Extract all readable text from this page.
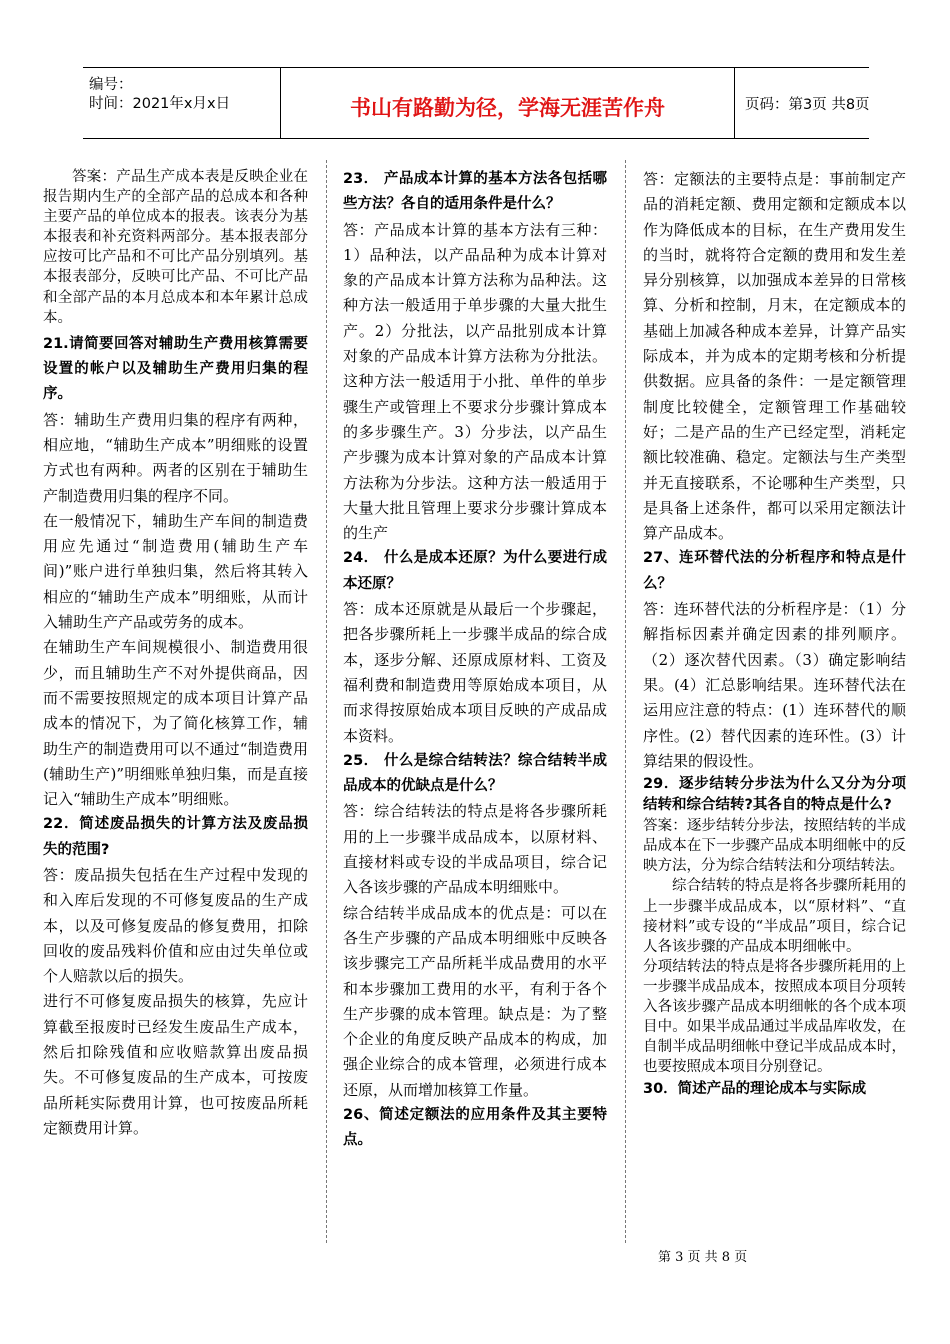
编号：
时间：2021年x月x日	书山有路勤为径，学海无涯苦作舟	页码：第3页 共8页

答案：产品生产成本表是反映企业在报告期内生产的全部产品的总成本和各种主要产品的单位成本的报表。该表分为基本报表和补充资料两部分。基本报表部分应按可比产品和不可比产品分别填列。基本报表部分，反映可比产品、不可比产品和全部产品的本月总成本和本年累计总成本。

21.请简要回答对辅助生产费用核算需要设置的帐户以及辅助生产费用归集的程序。

答：辅助生产费用归集的程序有两种，相应地，“辅助生产成本”明细账的设置方式也有两种。两者的区别在于辅助生产制造费用归集的程序不同。

在一般情况下，辅助生产车间的制造费用应先通过“制造费用(辅助生产车间)”账户进行单独归集，然后将其转入相应的“辅助生产成本”明细账，从而计入辅助生产产品或劳务的成本。

在辅助生产车间规模很小、制造费用很少，而且辅助生产不对外提供商品，因而不需要按照规定的成本项目计算产品成本的情况下，为了简化核算工作，辅助生产的制造费用可以不通过“制造费用(辅助生产)”明细账单独归集，而是直接记入“辅助生产成本”明细账。

22．简述废品损失的计算方法及废品损失的范围?

答：废品损失包括在生产过程中发现的和入库后发现的不可修复废品的生产成本，以及可修复废品的修复费用，扣除回收的废品残料价值和应由过失单位或个人赔款以后的损失。

进行不可修复废品损失的核算，先应计算截至报废时已经发生废品生产成本，然后扣除残值和应收赔款算出废品损失。不可修复废品的生产成本，可按废品所耗实际费用计算，也可按废品所耗定额费用计算。

23． 产品成本计算的基本方法各包括哪些方法？各自的适用条件是什么？

答：产品成本计算的基本方法有三种：1）品种法，以产品品种为成本计算对象的产品成本计算方法称为品种法。这种方法一般适用于单步骤的大量大批生产。2）分批法，以产品批别成本计算对象的产品成本计算方法称为分批法。这种方法一般适用于小批、单件的单步骤生产或管理上不要求分步骤计算成本的多步骤生产。3）分步法，以产品生产步骤为成本计算对象的产品成本计算方法称为分步法。这种方法一般适用于大量大批且管理上要求分步骤计算成本的生产

24． 什么是成本还原？为什么要进行成本还原？

答：成本还原就是从最后一个步骤起，把各步骤所耗上一步骤半成品的综合成本，逐步分解、还原成原材料、工资及福利费和制造费用等原始成本项目，从而求得按原始成本项目反映的产成品成本资料。

25． 什么是综合结转法？综合结转半成品成本的优缺点是什么？

答：综合结转法的特点是将各步骤所耗用的上一步骤半成品成本，以原材料、直接材料或专设的半成品项目，综合记入各该步骤的产品成本明细账中。

综合结转半成品成本的优点是：可以在各生产步骤的产品成本明细账中反映各该步骤完工产品所耗半成品费用的水平和本步骤加工费用的水平，有利于各个生产步骤的成本管理。缺点是：为了整个企业的角度反映产品成本的构成，加强企业综合的成本管理，必须进行成本还原，从而增加核算工作量。

26、简述定额法的应用条件及其主要特点。

答：定额法的主要特点是：事前制定产品的消耗定额、费用定额和定额成本以作为降低成本的目标，在生产费用发生的当时，就将符合定额的费用和发生差异分别核算，以加强成本差异的日常核算、分析和控制，月末，在定额成本的基础上加减各种成本差异，计算产品实际成本，并为成本的定期考核和分析提供数据。应具备的条件：一是定额管理制度比较健全，定额管理工作基础较好；二是产品的生产已经定型，消耗定额比较准确、稳定。定额法与生产类型并无直接联系，不论哪种生产类型，只是具备上述条件，都可以采用定额法计算产品成本。

27、连环替代法的分析程序和特点是什么？

答：连环替代法的分析程序是：（1）分解指标因素并确定因素的排列顺序。（2）逐次替代因素。（3）确定影响结果。(4）汇总影响结果。连环替代法在运用应注意的特点：(1）连环替代的顺序性。(2）替代因素的连环性。(3）计算结果的假设性。

29．逐步结转分步法为什么又分为分项结转和综合结转?其各自的特点是什么?

答案：逐步结转分步法，按照结转的半成品成本在下一步骤产品成本明细帐中的反映方法，分为综合结转法和分项结转法。

综合结转的特点是将各步骤所耗用的上一步骤半成品成本，以“原材料”、“直接材料”或专设的“半成品”项目，综合记人各该步骤的产品成本明细帐中。

分项结转法的特点是将各步骤所耗用的上一步骤半成品成本，按照成本项目分项转入各该步骤产品成本明细帐的各个成本项目中。如果半成品通过半成品库收发，在自制半成品明细帐中登记半成品成本时，也要按照成本项目分别登记。

30．简述产品的理论成本与实际成

第 3 页 共 8 页
